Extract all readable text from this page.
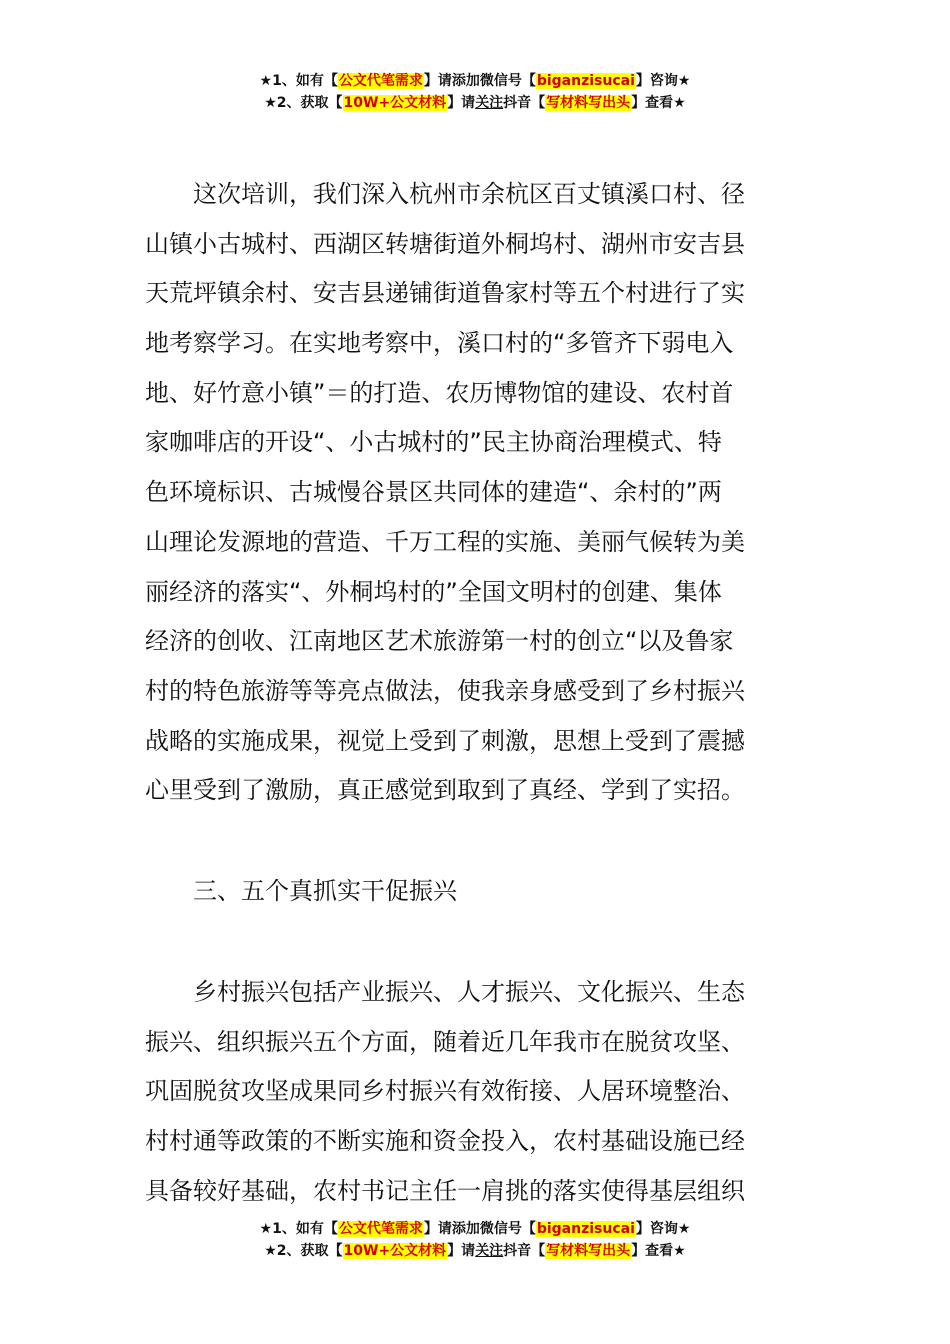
★1、如有【公文代笔需求】请添加微信号【biganzisucai】咨询★
★2、获取【10W+公文材料】请关注抖音【写材料写出头】查看★
　　这次培训，我们深入杭州市余杭区百丈镇溪口村、径
山镇小古城村、西湖区转塘街道外桐坞村、湖州市安吉县
天荒坪镇余村、安吉县递铺街道鲁家村等五个村进行了实
地考察学习。在实地考察中，溪口村的“多管齐下弱电入
地、好竹意小镇”＝的打造、农历博物馆的建设、农村首
家咖啡店的开设“、小古城村的”民主协商治理模式、特
色环境标识、古城慢谷景区共同体的建造“、余村的”两
山理论发源地的营造、千万工程的实施、美丽气候转为美
丽经济的落实“、外桐坞村的”全国文明村的创建、集体
经济的创收、江南地区艺术旅游第一村的创立“以及鲁家
村的特色旅游等等亮点做法，使我亲身感受到了乡村振兴
战略的实施成果，视觉上受到了刺激，思想上受到了震撼
心里受到了激励，真正感觉到取到了真经、学到了实招。
　　三、五个真抓实干促振兴
　　乡村振兴包括产业振兴、人才振兴、文化振兴、生态
振兴、组织振兴五个方面，随着近几年我市在脱贫攻坚、
巩固脱贫攻坚成果同乡村振兴有效衔接、人居环境整治、
村村通等政策的不断实施和资金投入，农村基础设施已经
具备较好基础，农村书记主任一肩挑的落实使得基层组织
★1、如有【公文代笔需求】请添加微信号【biganzisucai】咨询★
★2、获取【10W+公文材料】请关注抖音【写材料写出头】查看★
